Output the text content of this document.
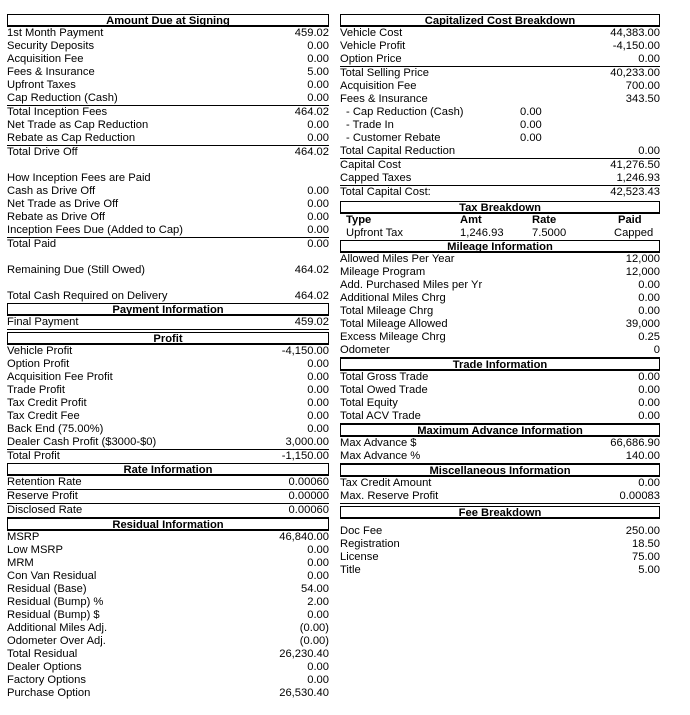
Amount Due at Signing
1st Month Payment	459.02
Security Deposits	0.00
Acquisition Fee	0.00
Fees & Insurance	5.00
Upfront Taxes	0.00
Cap Reduction (Cash)	0.00
Total Inception Fees	464.02
Net Trade as Cap Reduction	0.00
Rebate as Cap Reduction	0.00
Total Drive Off	464.02
How Inception Fees are Paid
Cash as Drive Off	0.00
Net Trade as Drive Off	0.00
Rebate as Drive Off	0.00
Inception Fees Due (Added to Cap)	0.00
Total Paid	0.00
Remaining Due (Still Owed)	464.02
Total Cash Required on Delivery	464.02
Payment Information
Final Payment	459.02
Profit
Vehicle Profit	-4,150.00
Option Profit	0.00
Acquisition Fee Profit	0.00
Trade Profit	0.00
Tax Credit Profit	0.00
Tax Credit Fee	0.00
Back End (75.00%)	0.00
Dealer Cash Profit ($3000-$0)	3,000.00
Total Profit	-1,150.00
Rate Information
Retention Rate	0.00060
Reserve Profit	0.00000
Disclosed Rate	0.00060
Residual Information
MSRP	46,840.00
Low MSRP	0.00
MRM	0.00
Con Van Residual	0.00
Residual (Base)	54.00
Residual (Bump) %	2.00
Residual (Bump) $	0.00
Additional Miles Adj.	(0.00)
Odometer Over Adj.	(0.00)
Total Residual	26,230.40
Dealer Options	0.00
Factory Options	0.00
Purchase Option	26,530.40
Capitalized Cost Breakdown
Vehicle Cost	44,383.00
Vehicle Profit	-4,150.00
Option Price	0.00
Total Selling Price	40,233.00
Acquisition Fee	700.00
Fees & Insurance	343.50
- Cap Reduction (Cash)	0.00
- Trade In	0.00
- Customer Rebate	0.00
Total Capital Reduction	0.00
Capital Cost	41,276.50
Capped Taxes	1,246.93
Total Capital Cost:	42,523.43
Tax Breakdown
Type	Amt	Rate	Paid
Upfront Tax	1,246.93	7.5000	Capped
Mileage Information
Allowed Miles Per Year	12,000
Mileage Program	12,000
Add. Purchased Miles per Yr	0.00
Additional Miles Chrg	0.00
Total Mileage Chrg	0.00
Total Mileage Allowed	39,000
Excess Mileage Chrg	0.25
Odometer	0
Trade Information
Total Gross Trade	0.00
Total Owed Trade	0.00
Total Equity	0.00
Total ACV Trade	0.00
Maximum Advance Information
Max Advance $	66,686.90
Max Advance %	140.00
Miscellaneous Information
Tax Credit Amount	0.00
Max. Reserve Profit	0.00083
Fee Breakdown
Doc Fee	250.00
Registration	18.50
License	75.00
Title	5.00
